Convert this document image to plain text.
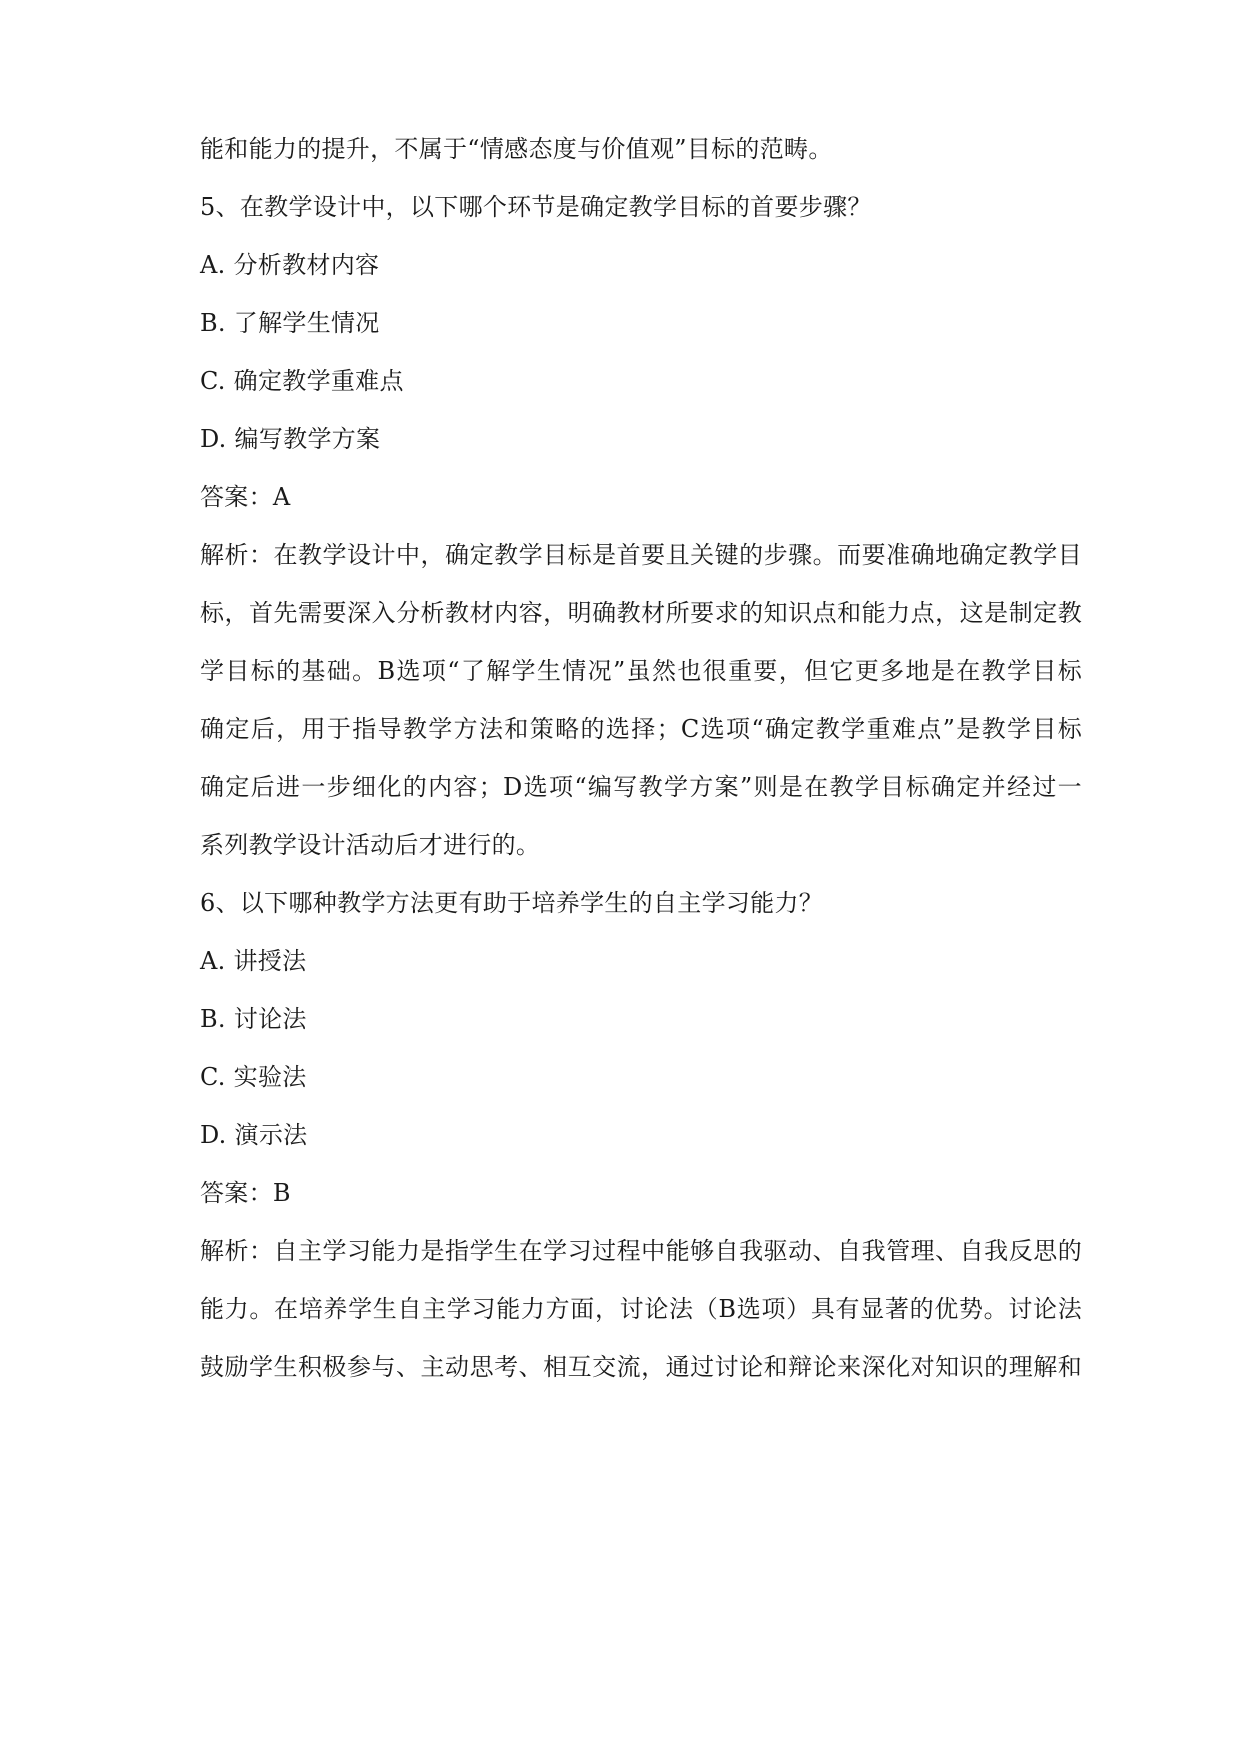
能和能力的提升，不属于“情感态度与价值观”目标的范畴。
5、在教学设计中，以下哪个环节是确定教学目标的首要步骤？
A. 分析教材内容
B. 了解学生情况
C. 确定教学重难点
D. 编写教学方案
答案：A
解析：在教学设计中，确定教学目标是首要且关键的步骤。而要准确地确定教学目
标，首先需要深入分析教材内容，明确教材所要求的知识点和能力点，这是制定教
学目标的基础。B选项“了解学生情况”虽然也很重要，但它更多地是在教学目标
确定后，用于指导教学方法和策略的选择；C选项“确定教学重难点”是教学目标
确定后进一步细化的内容；D选项“编写教学方案”则是在教学目标确定并经过一
系列教学设计活动后才进行的。
6、以下哪种教学方法更有助于培养学生的自主学习能力？
A. 讲授法
B. 讨论法
C. 实验法
D. 演示法
答案：B
解析：自主学习能力是指学生在学习过程中能够自我驱动、自我管理、自我反思的
能力。在培养学生自主学习能力方面，讨论法（B选项）具有显著的优势。讨论法
鼓励学生积极参与、主动思考、相互交流，通过讨论和辩论来深化对知识的理解和
